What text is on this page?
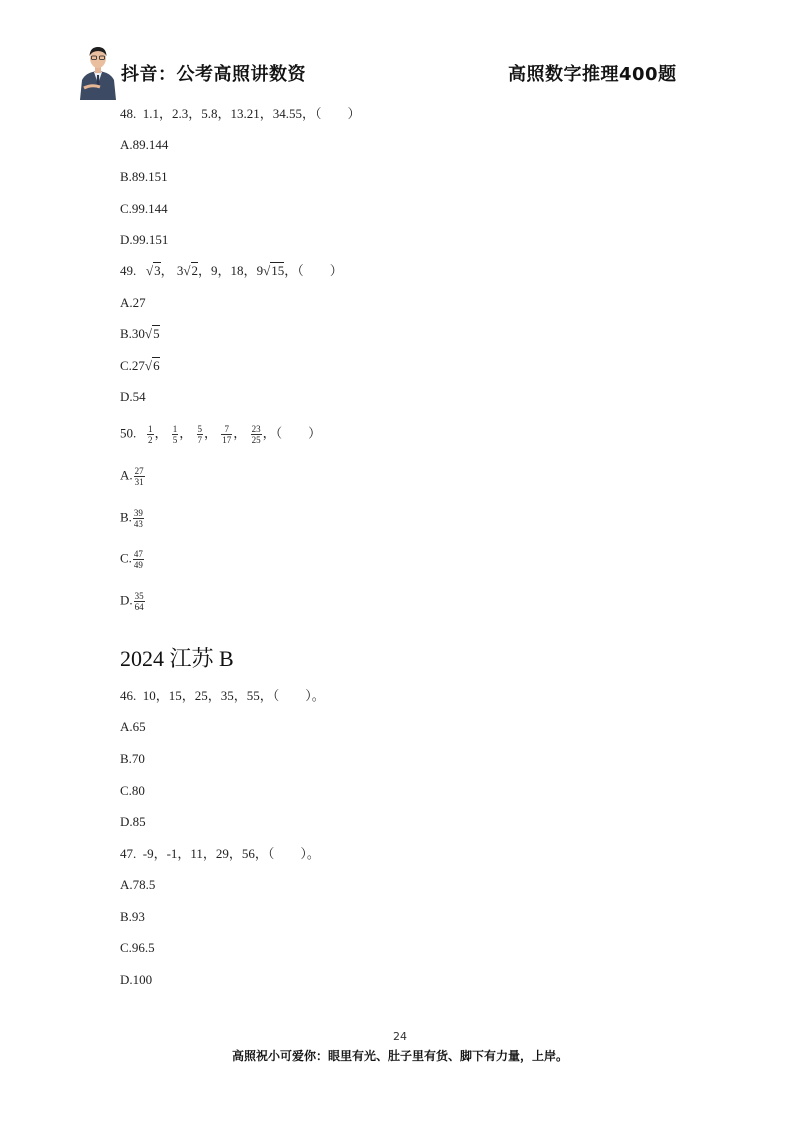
抖音：公考高照讲数资	高照数字推理400题
48. 1.1，2.3，5.8，13.21，34.55，（　　）
A.89.144
B.89.151
C.99.144
D.99.151
49. √3， 3√2，9，18，9√15，（　　）
A.27
B.30√5
C.27√6
D.54
50. $\frac{1}{2}$ ， $\frac{1}{5}$ ， $\frac{5}{7}$ ， $\frac{7}{17}$ ， $\frac{23}{25}$ ，（　　）
A. $\frac{27}{31}$
B. $\frac{39}{43}$
C. $\frac{47}{49}$
D. $\frac{35}{64}$
2024 江苏 B
46. 10，15，25，35，55，（　　）。
A.65
B.70
C.80
D.85
47. -9，-1，11，29，56，（　　）。
A.78.5
B.93
C.96.5
D.100
24
高照祝小可爱你：眼里有光、肚子里有货、脚下有力量，上岸。
